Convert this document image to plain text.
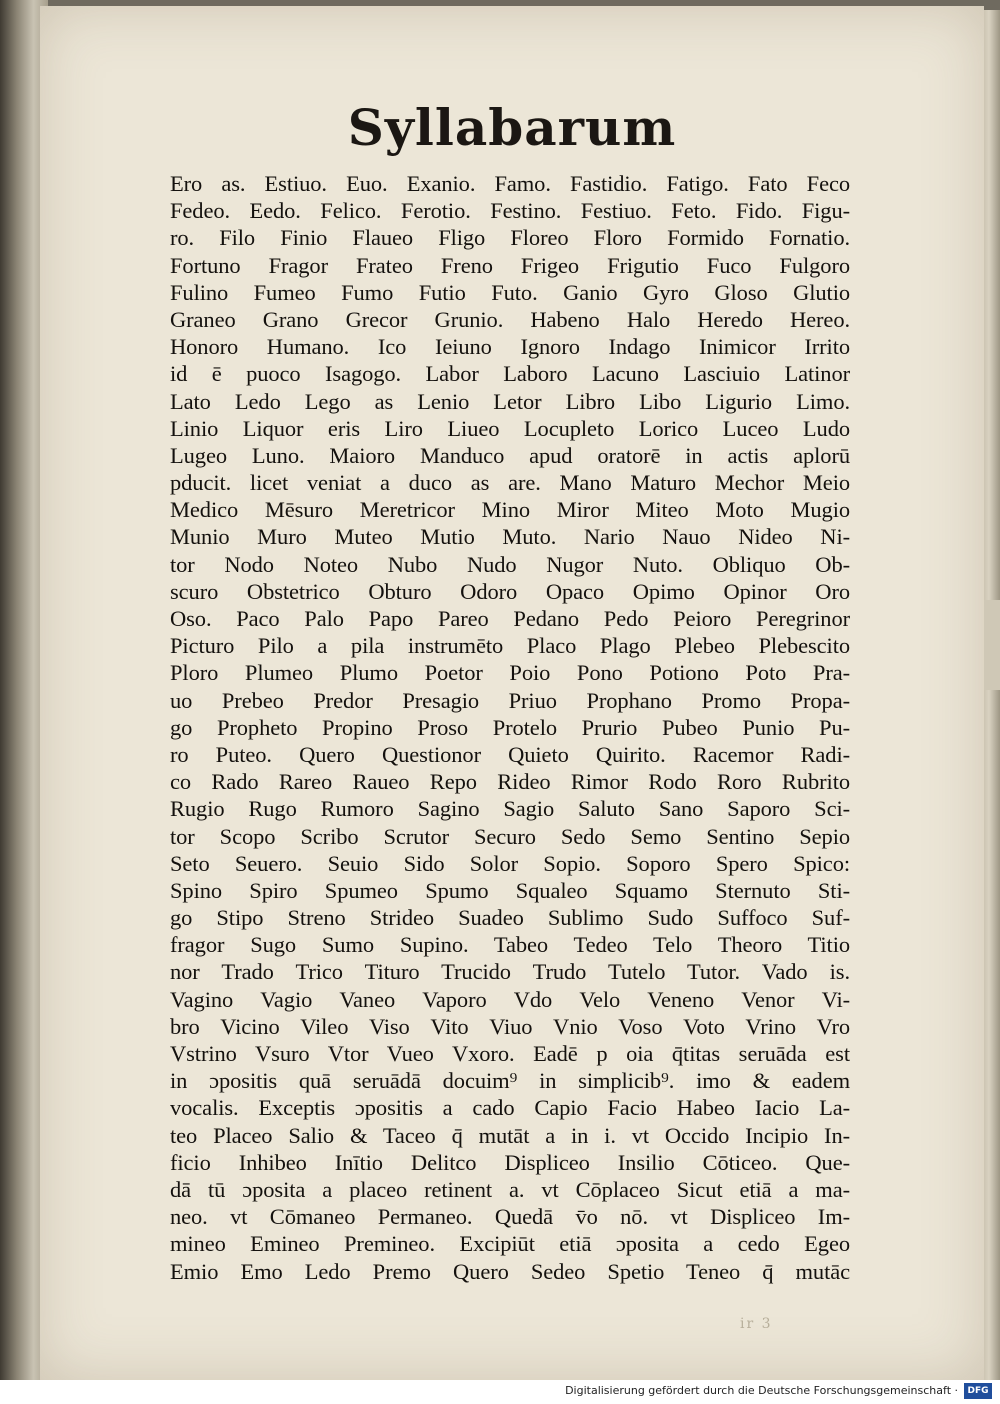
Syllabarum
Ero as. Estiuo. Euo. Exanio. Famo. Fastidio. Fatigo. Fato Feco
Fedeo. Eedo. Felico. Ferotio. Festino. Festiuo. Feto. Fido. Figu-
ro. Filo Finio Flaueo Fligo Floreo Floro Formido Fornatio.
Fortuno Fragor Frateo Freno Frigeo Frigutio Fuco Fulgoro
Fulino Fumeo Fumo Futio Futo. Ganio Gyro Gloso Glutio
Graneo Grano Grecor Grunio. Habeno Halo Heredo Hereo.
Honoro Humano. Ico Ieiuno Ignoro Indago Inimicor Irrito
id ē puoco Isagogo. Labor Laboro Lacuno Lasciuio Latinor
Lato Ledo Lego as Lenio Letor Libro Libo Ligurio Limo.
Linio Liquor eris Liro Liueo Locupleto Lorico Luceo Ludo
Lugeo Luno. Maioro Manduco apud oratorē in actis aplorū
pducit. licet veniat a duco as are. Mano Maturo Mechor Meio
Medico Mēsuro Meretricor Mino Miror Miteo Moto Mugio
Munio Muro Muteo Mutio Muto. Nario Nauo Nideo Ni-
tor Nodo Noteo Nubo Nudo Nugor Nuto. Obliquo Ob-
scuro Obstetrico Obturo Odoro Opaco Opimo Opinor Oro
Oso. Paco Palo Papo Pareo Pedano Pedo Peioro Peregrinor
Picturo Pilo a pila instrumēto Placo Plago Plebeo Plebescito
Ploro Plumeo Plumo Poetor Poio Pono Potiono Poto Pra-
uo Prebeo Predor Presagio Priuo Prophano Promo Propa-
go Propheto Propino Proso Protelo Prurio Pubeo Punio Pu-
ro Puteo. Quero Questionor Quieto Quirito. Racemor Radi-
co Rado Rareo Raueo Repo Rideo Rimor Rodo Roro Rubrito
Rugio Rugo Rumoro Sagino Sagio Saluto Sano Saporo Sci-
tor Scopo Scribo Scrutor Securo Sedo Semo Sentino Sepio
Seto Seuero. Seuio Sido Solor Sopio. Soporo Spero Spico:
Spino Spiro Spumeo Spumo Squaleo Squamo Sternuto Sti-
go Stipo Streno Strideo Suadeo Sublimo Sudo Suffoco Suf-
fragor Sugo Sumo Supino. Tabeo Tedeo Telo Theoro Titio
nor Trado Trico Tituro Trucido Trudo Tutelo Tutor. Vado is.
Vagino Vagio Vaneo Vaporo Vdo Velo Veneno Venor Vi-
bro Vicino Vileo Viso Vito Viuo Vnio Voso Voto Vrino Vro
Vstrino Vsuro Vtor Vueo Vxoro. Eadē p oia q̄titas seruāda est
in ɔpositis quā seruādā docuim⁹ in simplicib⁹. imo & eadem
vocalis. Exceptis ɔpositis a cado Capio Facio Habeo Iacio La-
teo Placeo Salio & Taceo q̄ mutāt a in i. vt Occido Incipio In-
ficio Inhibeo Inītio Delitco Displiceo Insilio Cōticeo. Que-
dā tū ɔposita a placeo retinent a. vt Cōplaceo Sicut etiā a ma-
neo. vt Cōmaneo Permaneo. Quedā v̄o nō. vt Displiceo Im-
mineo Emineo Premineo. Excipiūt etiā ɔposita a cedo Egeo
Emio Emo Ledo Premo Quero Sedeo Spetio Teneo q̄ mutāc
ir 3
Digitalisierung gefördert durch die Deutsche Forschungsgemeinschaft ·	DFG
